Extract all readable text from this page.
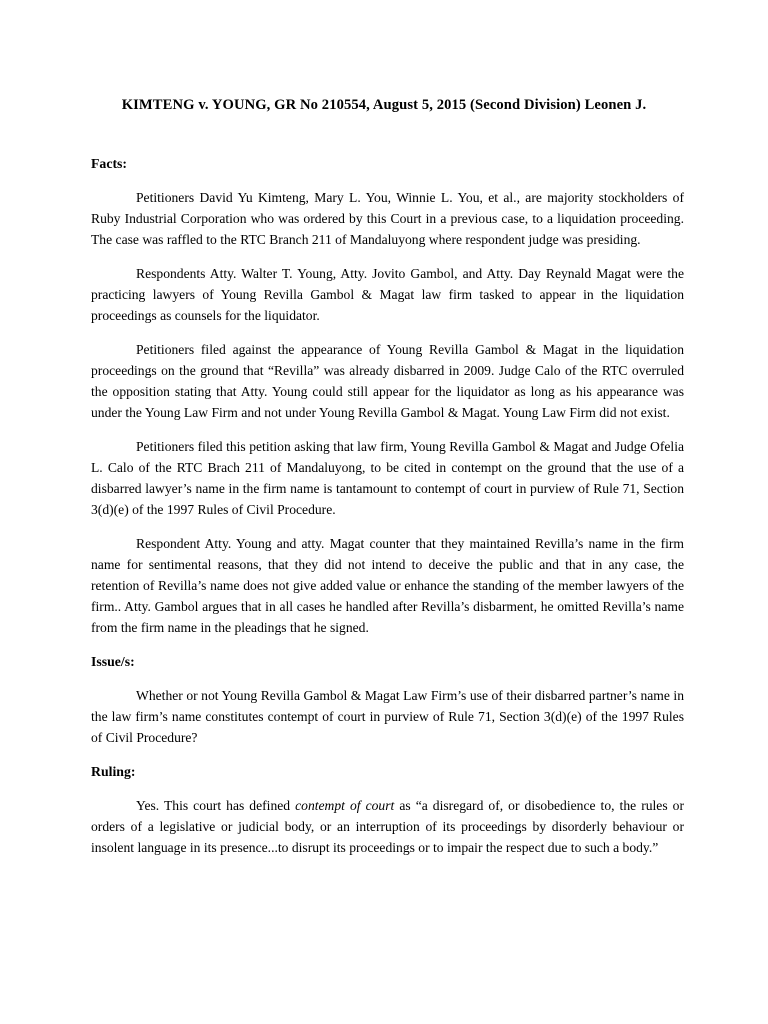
KIMTENG v. YOUNG, GR No 210554, August 5, 2015 (Second Division) Leonen J.
Facts:

Petitioners David Yu Kimteng, Mary L. You, Winnie L. You, et al., are majority stockholders of Ruby Industrial Corporation who was ordered by this Court in a previous case, to a liquidation proceeding. The case was raffled to the RTC Branch 211 of Mandaluyong where respondent judge was presiding.

Respondents Atty. Walter T. Young, Atty. Jovito Gambol, and Atty. Day Reynald Magat were the practicing lawyers of Young Revilla Gambol & Magat law firm tasked to appear in the liquidation proceedings as counsels for the liquidator.

Petitioners filed against the appearance of Young Revilla Gambol & Magat in the liquidation proceedings on the ground that “Revilla” was already disbarred in 2009. Judge Calo of the RTC overruled the opposition stating that Atty. Young could still appear for the liquidator as long as his appearance was under the Young Law Firm and not under Young Revilla Gambol & Magat. Young Law Firm did not exist.

Petitioners filed this petition asking that law firm, Young Revilla Gambol & Magat and Judge Ofelia L. Calo of the RTC Brach 211 of Mandaluyong, to be cited in contempt on the ground that the use of a disbarred lawyer’s name in the firm name is tantamount to contempt of court in purview of Rule 71, Section 3(d)(e) of the 1997 Rules of Civil Procedure.

Respondent Atty. Young and atty. Magat counter that they maintained Revilla’s name in the firm name for sentimental reasons, that they did not intend to deceive the public and that in any case, the retention of Revilla’s name does not give added value or enhance the standing of the member lawyers of the firm.. Atty. Gambol argues that in all cases he handled after Revilla’s disbarment, he omitted Revilla’s name from the firm name in the pleadings that he signed.

Issue/s:

Whether or not Young Revilla Gambol & Magat Law Firm’s use of their disbarred partner’s name in the law firm’s name constitutes contempt of court in purview of Rule 71, Section 3(d)(e) of the 1997 Rules of Civil Procedure?

Ruling:

Yes. This court has defined contempt of court as “a disregard of, or disobedience to, the rules or orders of a legislative or judicial body, or an interruption of its proceedings by disorderly behaviour or insolent language in its presence...to disrupt its proceedings or to impair the respect due to such a body.”
